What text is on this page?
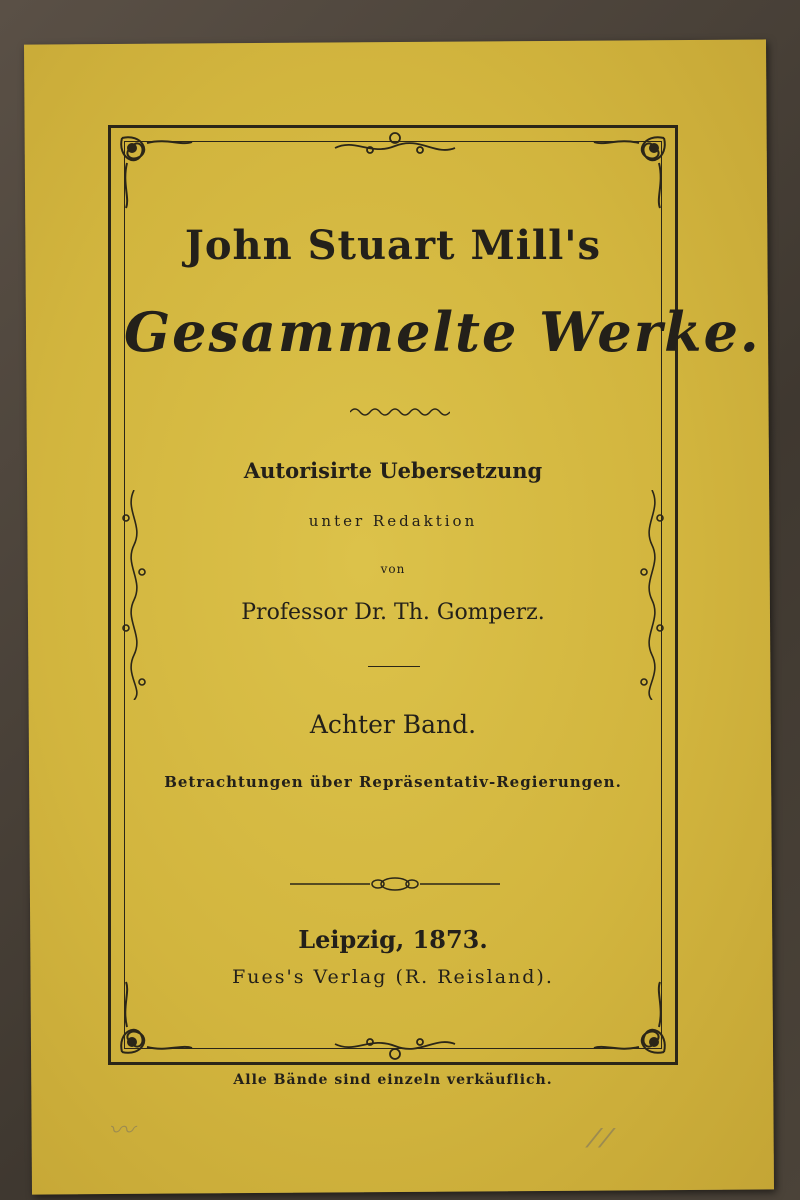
John Stuart Mill's
Gesammelte Werke.
Autorisirte Uebersetzung
unter Redaktion
von
Professor Dr. Th. Gomperz.
Achter Band.
Betrachtungen über Repräsentativ-Regierungen.
Leipzig, 1873.
Fues's Verlag (R. Reisland).
Alle Bände sind einzeln verkäuflich.
〰	⁄ ⁄
